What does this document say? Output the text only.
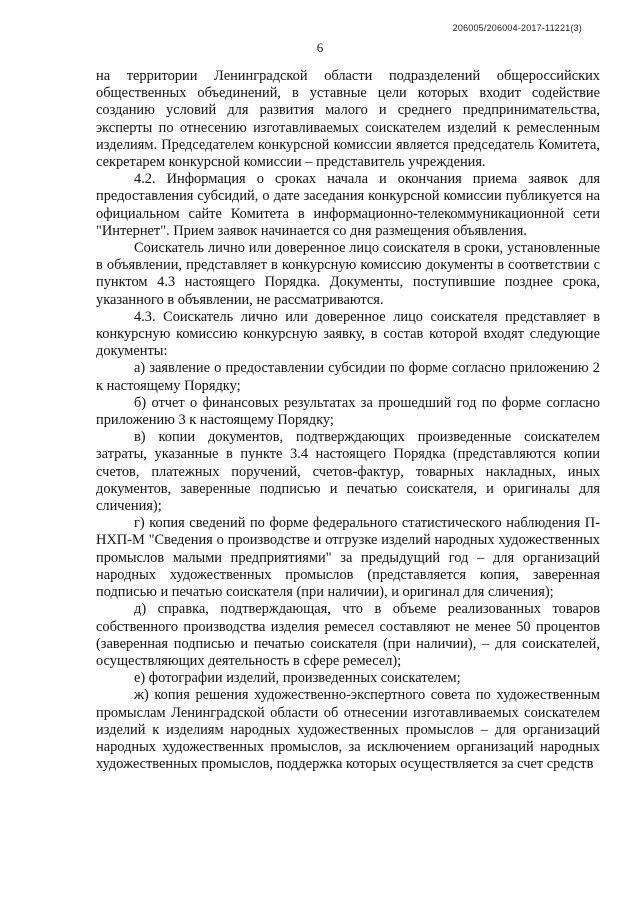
206005/206004-2017-11221(3)
6

на территории Ленинградской области подразделений общероссийских общественных объединений, в уставные цели которых входит содействие созданию условий для развития малого и среднего предпринимательства, эксперты по отнесению изготавливаемых соискателем изделий к ремесленным изделиям. Председателем конкурсной комиссии является председатель Комитета, секретарем конкурсной комиссии – представитель учреждения.

4.2. Информация о сроках начала и окончания приема заявок для предоставления субсидий, о дате заседания конкурсной комиссии публикуется на официальном сайте Комитета в информационно-телекоммуникационной сети "Интернет". Прием заявок начинается со дня размещения объявления.

Соискатель лично или доверенное лицо соискателя в сроки, установленные в объявлении, представляет в конкурсную комиссию документы в соответствии с пунктом 4.3 настоящего Порядка. Документы, поступившие позднее срока, указанного в объявлении, не рассматриваются.

4.3. Соискатель лично или доверенное лицо соискателя представляет в конкурсную комиссию конкурсную заявку, в состав которой входят следующие документы:

а) заявление о предоставлении субсидии по форме согласно приложению 2 к настоящему Порядку;

б) отчет о финансовых результатах за прошедший год по форме согласно приложению 3 к настоящему Порядку;

в) копии документов, подтверждающих произведенные соискателем затраты, указанные в пункте 3.4 настоящего Порядка (представляются копии счетов, платежных поручений, счетов-фактур, товарных накладных, иных документов, заверенные подписью и печатью соискателя, и оригиналы для сличения);

г) копия сведений по форме федерального статистического наблюдения П-НХП-М "Сведения о производстве и отгрузке изделий народных художественных промыслов малыми предприятиями" за предыдущий год – для организаций народных художественных промыслов (представляется копия, заверенная подписью и печатью соискателя (при наличии), и оригинал для сличения);

д) справка, подтверждающая, что в объеме реализованных товаров собственного производства изделия ремесел составляют не менее 50 процентов (заверенная подписью и печатью соискателя (при наличии), – для соискателей, осуществляющих деятельность в сфере ремесел);

е) фотографии изделий, произведенных соискателем;

ж) копия решения художественно-экспертного совета по художественным промыслам Ленинградской области об отнесении изготавливаемых соискателем изделий к изделиям народных художественных промыслов – для организаций народных художественных промыслов, за исключением организаций народных художественных промыслов, поддержка которых осуществляется за счет средств
